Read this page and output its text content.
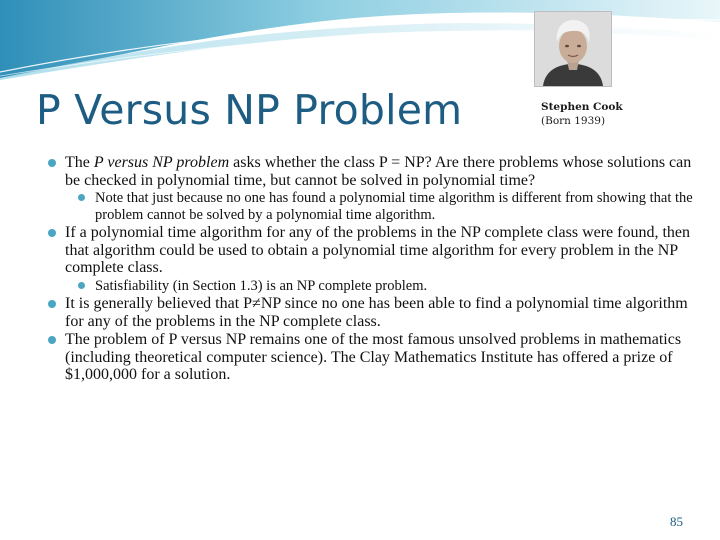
P Versus NP Problem	Stephen Cook
(Born 1939)
The P versus NP problem asks whether the class P = NP? Are there problems whose solutions can be checked in polynomial time, but cannot be solved in polynomial time?
Note that just because no one has found a polynomial time algorithm is different from showing that the problem cannot be solved by a polynomial time algorithm.
If a polynomial time algorithm for any of the problems in the NP complete class were found, then that algorithm could be used to obtain a polynomial time algorithm for every problem in the NP complete class.
Satisfiability (in Section 1.3) is an NP complete problem.
It is generally believed that P≠NP since no one has been able to find a polynomial time algorithm for any of the problems in the NP complete class.
The problem of P versus NP remains one of the most famous unsolved problems in mathematics (including theoretical computer science). The Clay Mathematics Institute has offered a prize of $1,000,000 for a solution.
85
